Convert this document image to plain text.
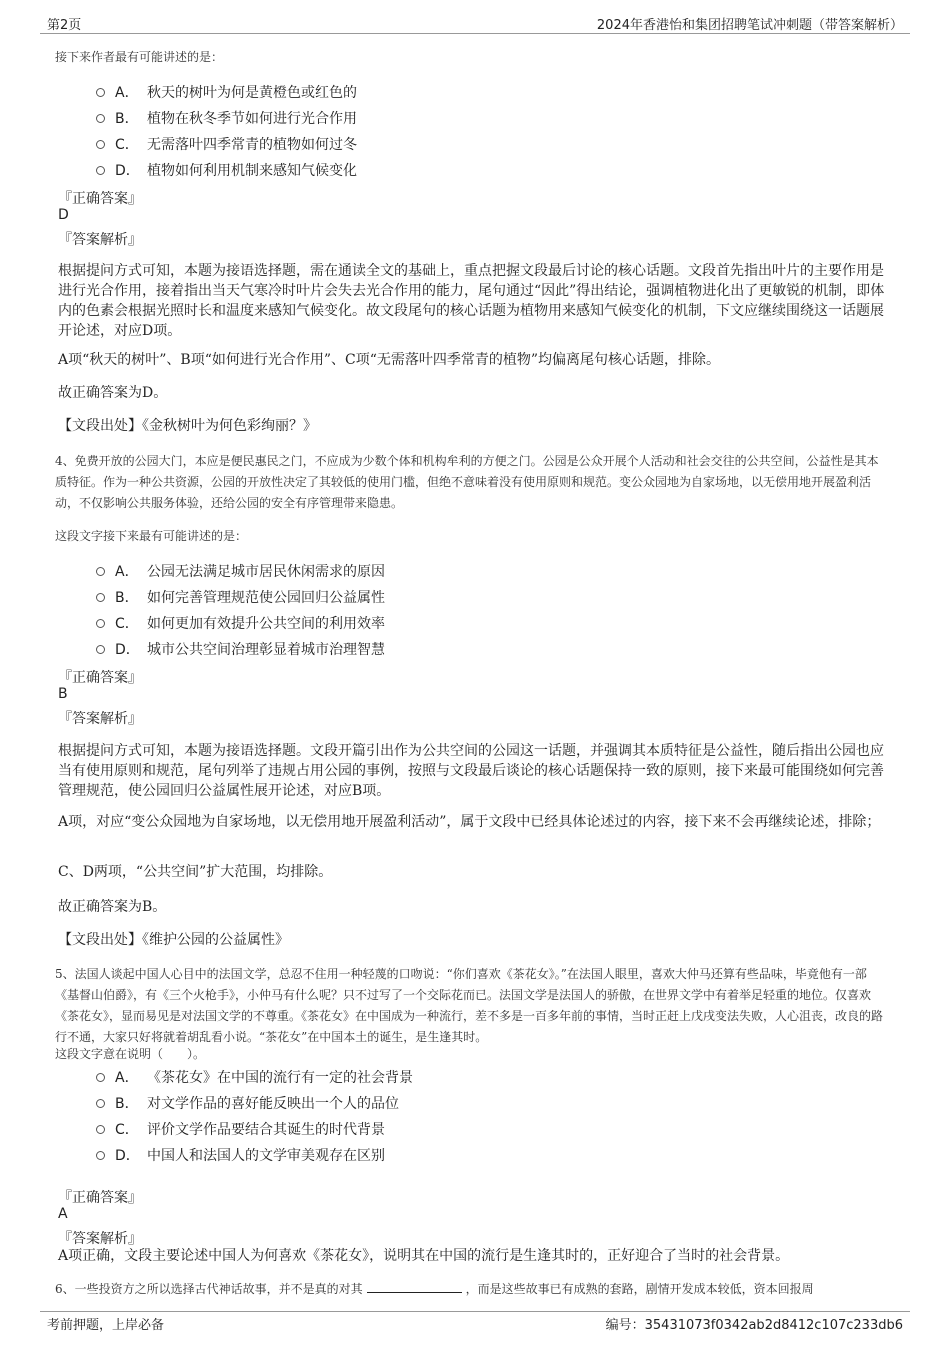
第2页	2024年香港怡和集团招聘笔试冲刺题（带答案解析）
接下来作者最有可能讲述的是：
A． 秋天的树叶为何是黄橙色或红色的
B． 植物在秋冬季节如何进行光合作用
C． 无需落叶四季常青的植物如何过冬
D． 植物如何利用机制来感知气候变化
『正确答案』
D
『答案解析』
根据提问方式可知，本题为接语选择题，需在通读全文的基础上，重点把握文段最后讨论的核心话题。文段首先指出叶片的主要作用是进行光合作用，接着指出当天气寒冷时叶片会失去光合作用的能力，尾句通过“因此”得出结论，强调植物进化出了更敏锐的机制，即体内的色素会根据光照时长和温度来感知气候变化。故文段尾句的核心话题为植物用来感知气候变化的机制，下文应继续围绕这一话题展开论述，对应D项。
A项“秋天的树叶”、B项“如何进行光合作用”、C项“无需落叶四季常青的植物”均偏离尾句核心话题，排除。
故正确答案为D。
【文段出处】《金秋树叶为何色彩绚丽？》
4、免费开放的公园大门，本应是便民惠民之门，不应成为少数个体和机构牟利的方便之门。公园是公众开展个人活动和社会交往的公共空间，公益性是其本质特征。作为一种公共资源，公园的开放性决定了其较低的使用门槛，但绝不意味着没有使用原则和规范。变公众园地为自家场地，以无偿用地开展盈利活动，不仅影响公共服务体验，还给公园的安全有序管理带来隐患。
这段文字接下来最有可能讲述的是：
A． 公园无法满足城市居民休闲需求的原因
B． 如何完善管理规范使公园回归公益属性
C． 如何更加有效提升公共空间的利用效率
D． 城市公共空间治理彰显着城市治理智慧
『正确答案』
B
『答案解析』
根据提问方式可知，本题为接语选择题。文段开篇引出作为公共空间的公园这一话题，并强调其本质特征是公益性，随后指出公园也应当有使用原则和规范，尾句列举了违规占用公园的事例，按照与文段最后谈论的核心话题保持一致的原则，接下来最可能围绕如何完善管理规范，使公园回归公益属性展开论述，对应B项。
A项，对应“变公众园地为自家场地，以无偿用地开展盈利活动”，属于文段中已经具体论述过的内容，接下来不会再继续论述，排除；
C、D两项，“公共空间”扩大范围，均排除。
故正确答案为B。
【文段出处】《维护公园的公益属性》
5、法国人谈起中国人心目中的法国文学，总忍不住用一种轻蔑的口吻说：“你们喜欢《茶花女》。”在法国人眼里，喜欢大仲马还算有些品味，毕竟他有一部《基督山伯爵》，有《三个火枪手》，小仲马有什么呢？只不过写了一个交际花而已。法国文学是法国人的骄傲，在世界文学中有着举足轻重的地位。仅喜欢《茶花女》，显而易见是对法国文学的不尊重。《茶花女》在中国成为一种流行，差不多是一百多年前的事情，当时正赶上戊戌变法失败，人心沮丧，改良的路行不通，大家只好将就着胡乱看小说。“茶花女”在中国本土的诞生，是生逢其时。
这段文字意在说明（　　）。
A． 《茶花女》在中国的流行有一定的社会背景
B． 对文学作品的喜好能反映出一个人的品位
C． 评价文学作品要结合其诞生的时代背景
D． 中国人和法国人的文学审美观存在区别
『正确答案』
A
『答案解析』
A项正确，文段主要论述中国人为何喜欢《茶花女》，说明其在中国的流行是生逢其时的，正好迎合了当时的社会背景。
6、一些投资方之所以选择古代神话故事，并不是真的对其	，而是这些故事已有成熟的套路，剧情开发成本较低，资本回报周
考前押题，上岸必备	编号：35431073f0342ab2d8412c107c233db6
